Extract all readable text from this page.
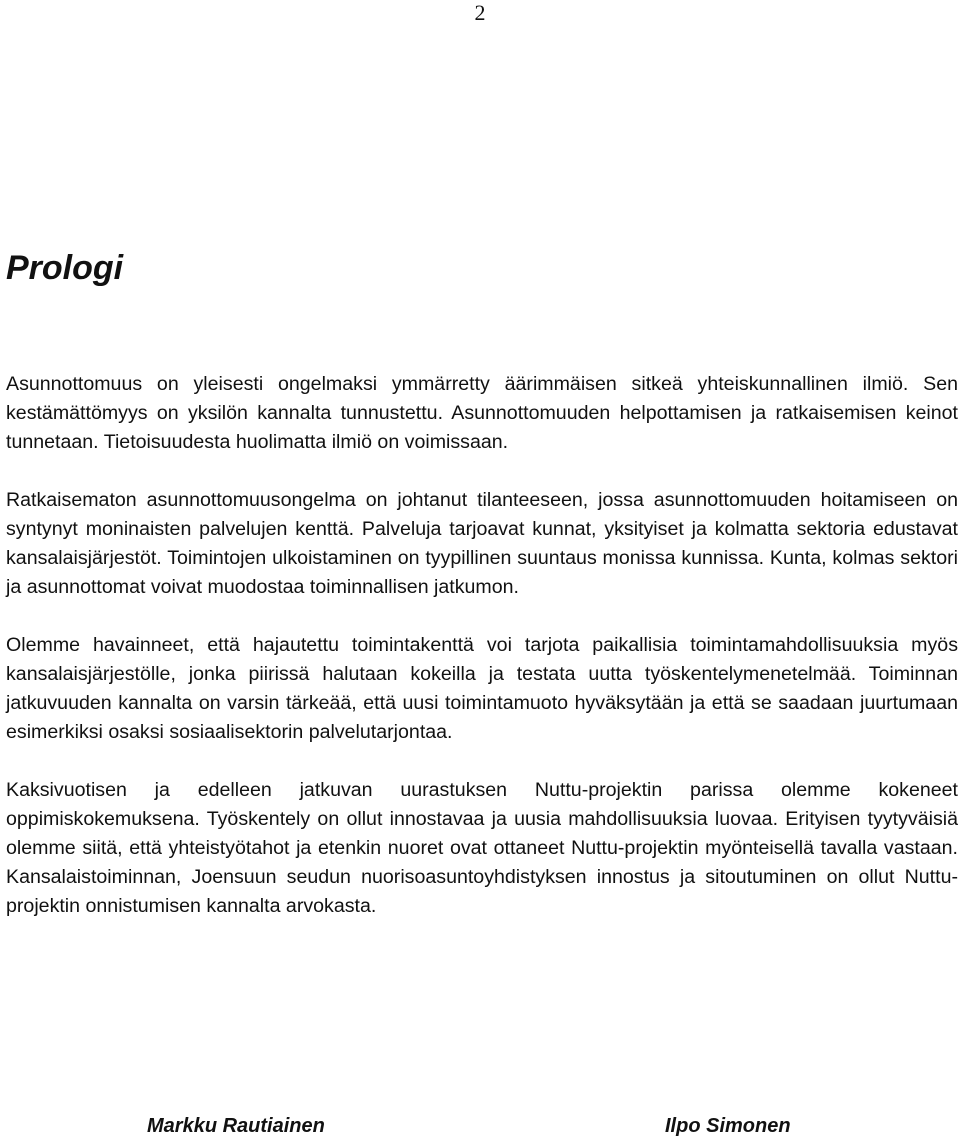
2
Prologi

Asunnottomuus on yleisesti ongelmaksi ymmärretty äärimmäisen sitkeä yhteiskunnallinen ilmiö. Sen kestämättömyys on yksilön kannalta tunnustettu. Asunnottomuuden helpottamisen ja ratkaisemisen keinot tunnetaan. Tietoisuudesta huolimatta ilmiö on voimissaan.

Ratkaisematon asunnottomuusongelma on johtanut tilanteeseen, jossa asunnottomuuden hoitamiseen on syntynyt moninaisten palvelujen kenttä. Palveluja tarjoavat kunnat, yksityiset ja kolmatta sektoria edustavat kansalaisjärjestöt. Toimintojen ulkoistaminen on tyypillinen suuntaus monissa kunnissa. Kunta, kolmas sektori ja asunnottomat voivat muodostaa toiminnallisen jatkumon.

Olemme havainneet, että hajautettu toimintakenttä voi tarjota paikallisia toimintamahdollisuuksia myös kansalaisjärjestölle, jonka piirissä halutaan kokeilla ja testata uutta työskentelymenetelmää. Toiminnan jatkuvuuden kannalta on varsin tärkeää, että uusi toimintamuoto hyväksytään ja että se saadaan juurtumaan esimerkiksi osaksi sosiaalisektorin palvelutarjontaa.

Kaksivuotisen ja edelleen jatkuvan uurastuksen Nuttu-projektin parissa olemme kokeneet oppimiskokemuksena. Työskentely on ollut innostavaa ja uusia mahdollisuuksia luovaa. Erityisen tyytyväisiä olemme siitä, että yhteistyötahot ja etenkin nuoret ovat ottaneet Nuttu-projektin myönteisellä tavalla vastaan. Kansalaistoiminnan, Joensuun seudun nuorisoasuntoyhdistyksen innostus ja sitoutuminen on ollut Nuttu-projektin onnistumisen kannalta arvokasta.

Markku Rautiainen	Ilpo Simonen
